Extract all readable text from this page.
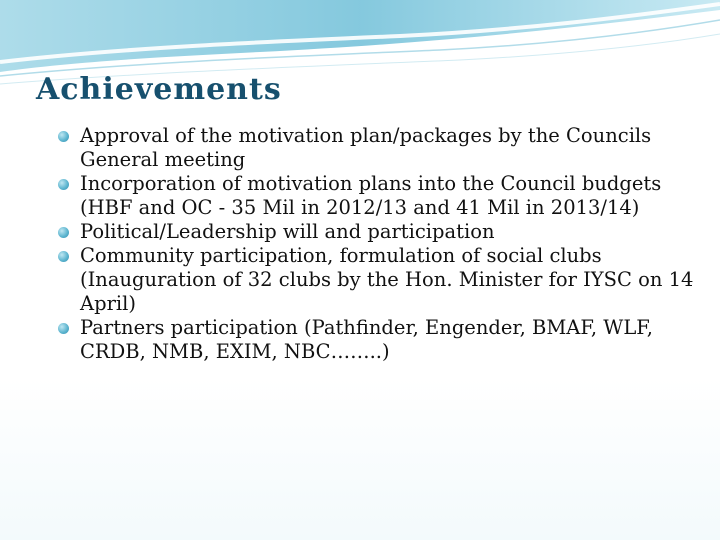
Achievements
Approval of the motivation plan/packages by the Councils General meeting
Incorporation of motivation plans into the Council budgets (HBF and OC - 35 Mil in 2012/13 and 41 Mil in 2013/14)
Political/Leadership will and participation
Community participation, formulation of social clubs (Inauguration of 32 clubs by the Hon. Minister for IYSC on 14 April)
Partners participation (Pathfinder, Engender, BMAF, WLF, CRDB, NMB, EXIM, NBC……..)
